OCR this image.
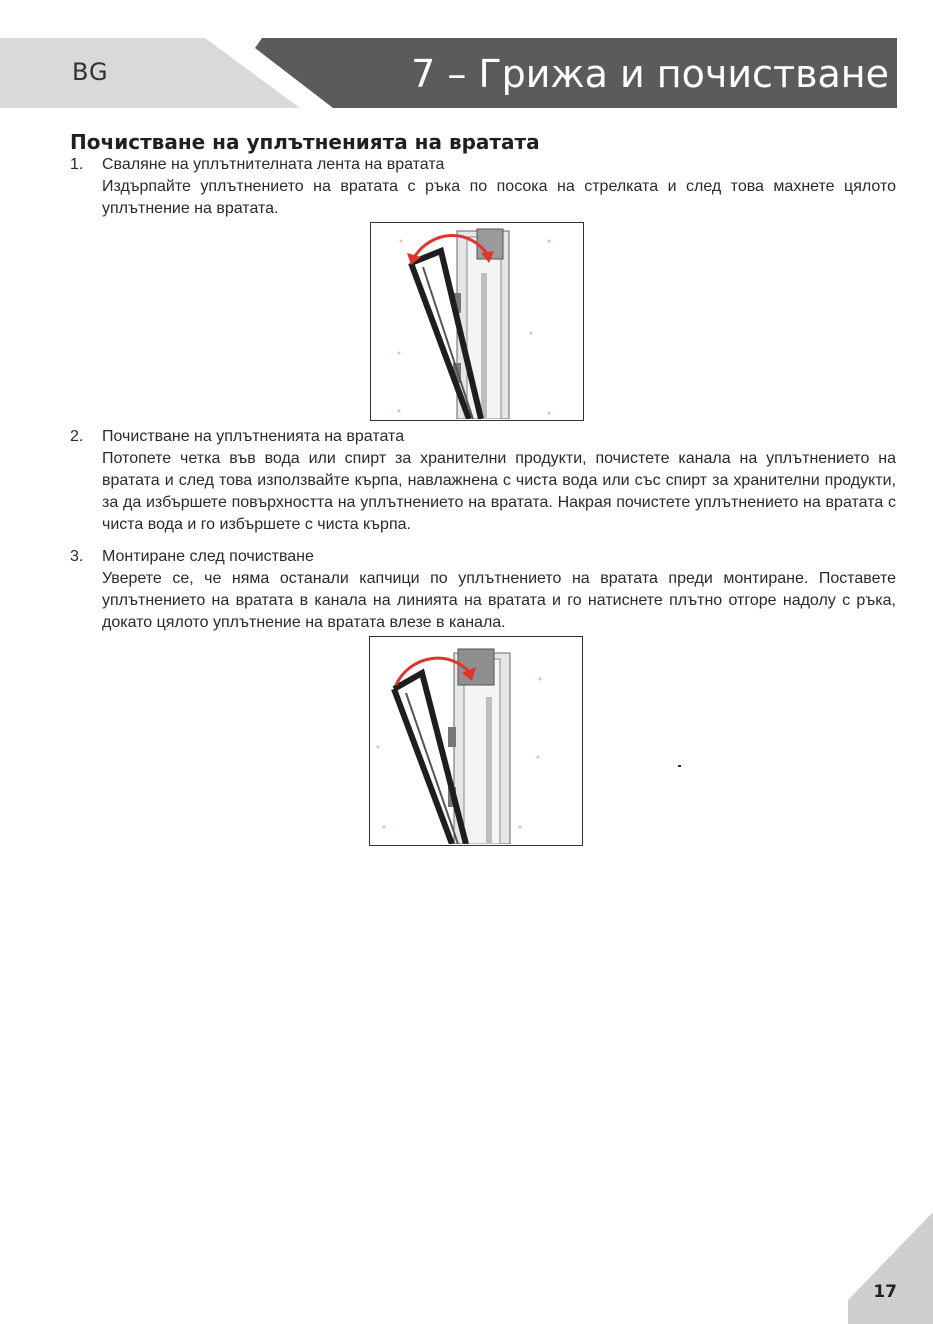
BG	7 – Грижа и почистване
Почистване на уплътненията на вратата
1.	Сваляне на уплътнителната лента на вратата
Издърпайте уплътнението на вратата с ръка по посока на стрелката и след това махнете цялото уплътнение на вратата.
2.	Почистване на уплътненията на вратата
Потопете четка във вода или спирт за хранителни продукти, почистете канала на уплътнението на вратата и след това използвайте кърпа, навлажнена с чиста вода или със спирт за хранителни продукти, за да избършете повърхността на уплътнението на вратата. Накрая почистете уплътнението на вратата с чиста вода и го избършете с чиста кърпа.
3.	Монтиране след почистване
Уверете се, че няма останали капчици по уплътнението на вратата преди монтиране. Поставете уплътнението на вратата в канала на линията на вратата и го натиснете плътно отгоре надолу с ръка, докато цялото уплътнение на вратата влезе в канала.
17
